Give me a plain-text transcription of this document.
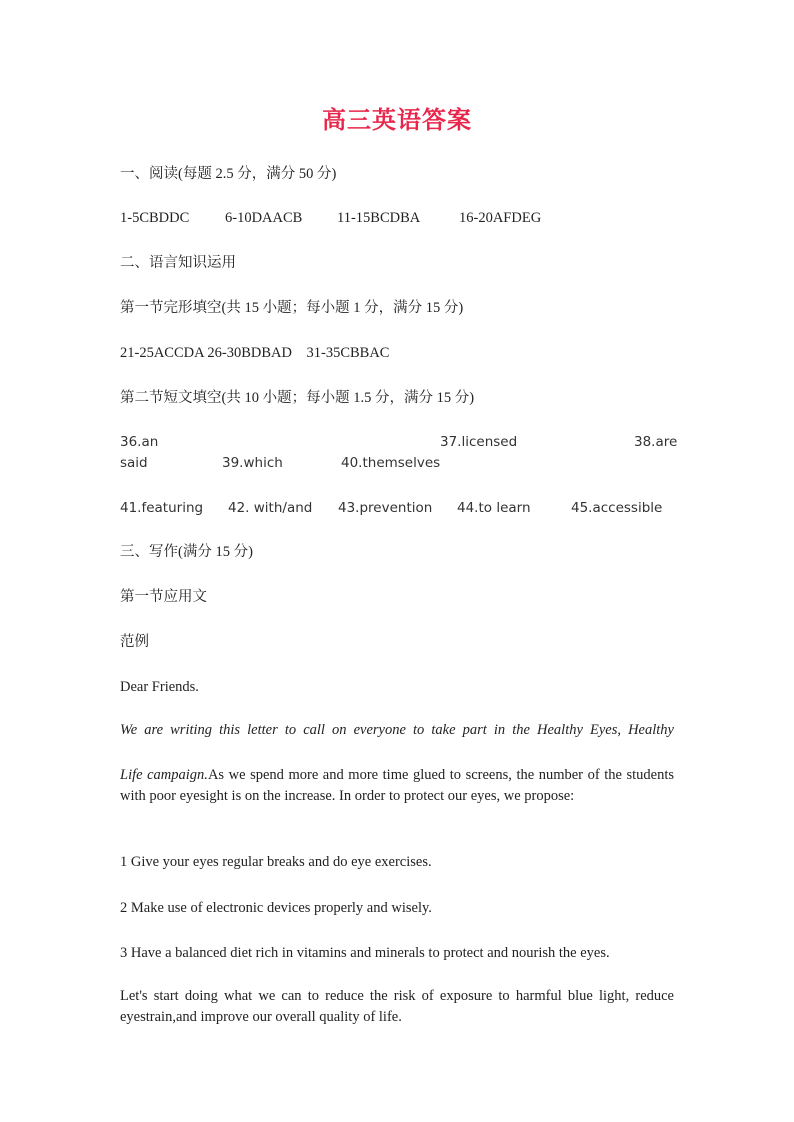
高三英语答案
一、阅读(每题 2.5 分，满分 50 分)
1-5CBDDC 6-10DAACB 11-15BCDBA	16-20AFDEG
二、语言知识运用
第一节完形填空(共 15 小题；每小题 1 分，满分 15 分)
21-25ACCDA 26-30BDBAD    31-35CBBAC
第二节短文填空(共 10 小题；每小题 1.5 分，满分 15 分)
36.an	37.licensed	38.are
said	39.which	40.themselves
41.featuring 42. with/and 43.prevention 44.to learn	45.accessible
三、写作(满分 15 分)
第一节应用文
范例
Dear Friends.
We are writing this letter to call on everyone to take part in the Healthy Eyes, Healthy
Life campaign.As we spend more and more time glued to screens, the number of the students with poor eyesight is on the increase. In order to protect our eyes, we propose:
1 Give your eyes regular breaks and do eye exercises.
2 Make use of electronic devices properly and wisely.
3 Have a balanced diet rich in vitamins and minerals to protect and nourish the eyes.
Let's start doing what we can to reduce the risk of exposure to harmful blue light, reduce eyestrain,and improve our overall quality of life.
